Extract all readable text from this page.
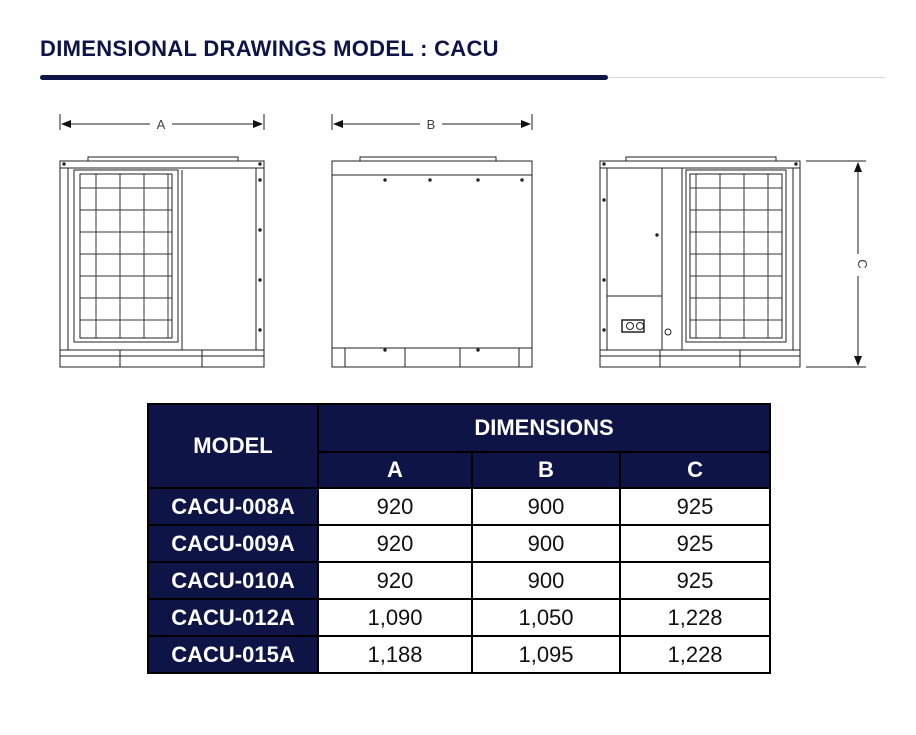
DIMENSIONAL DRAWINGS MODEL : CACU
A	B
C
MODEL	DIMENSIONS		
	A	B	C
CACU-008A	920	900	925
CACU-009A	920	900	925
CACU-010A	920	900	925
CACU-012A	1,090	1,050	1,228
CACU-015A	1,188	1,095	1,228
